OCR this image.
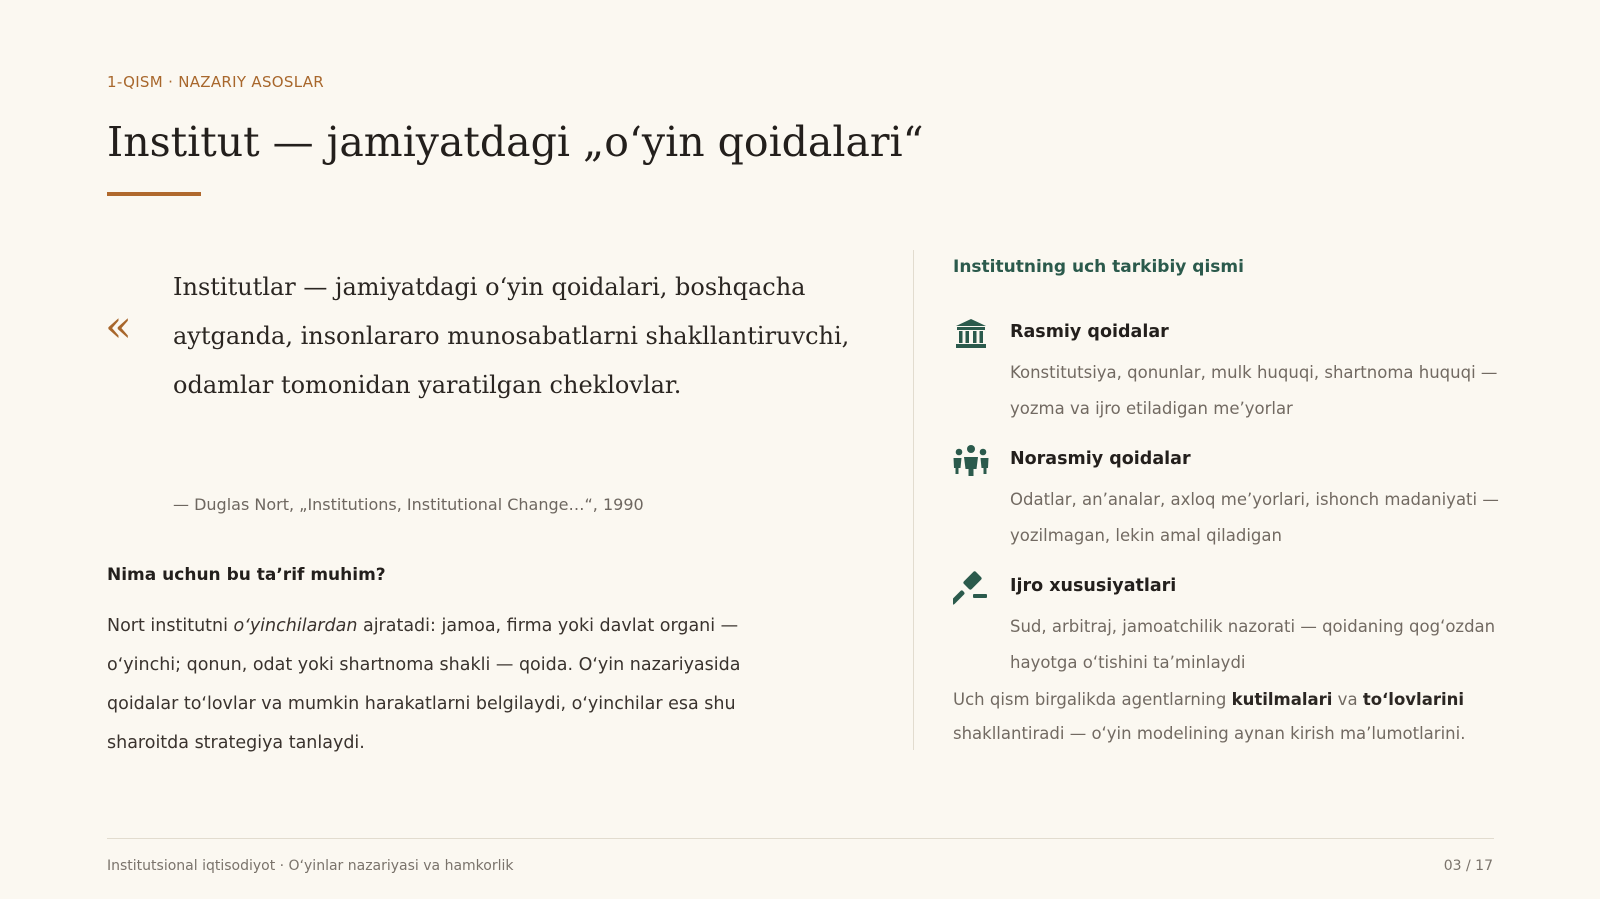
1-QISM · NAZARIY ASOSLAR
Institut — jamiyatdagi „oʻyin qoidalari“
«

Institutlar — jamiyatdagi oʻyin qoidalari, boshqacha aytganda, insonlararo munosabatlarni shakllantiruvchi, odamlar tomonidan yaratilgan cheklovlar.

— Duglas Nort, „Institutions, Institutional Change…“, 1990
Nima uchun bu taʼrif muhim?

Nort institutni oʻyinchilardan ajratadi: jamoa, firma yoki davlat organi — oʻyinchi; qonun, odat yoki shartnoma shakli — qoida. Oʻyin nazariyasida qoidalar toʻlovlar va mumkin harakatlarni belgilaydi, oʻyinchilar esa shu sharoitda strategiya tanlaydi.

Institutning uch tarkibiy qismi
Rasmiy qoidalar

Konstitutsiya, qonunlar, mulk huquqi, shartnoma huquqi — yozma va ijro etiladigan meʼyorlar

Norasmiy qoidalar

Odatlar, anʼanalar, axloq meʼyorlari, ishonch madaniyati — yozilmagan, lekin amal qiladigan

Ijro xususiyatlari

Sud, arbitraj, jamoatchilik nazorati — qoidaning qogʻozdan hayotga oʻtishini taʼminlaydi

Uch qism birgalikda agentlarning kutilmalari va toʻlovlarini shakllantiradi — oʻyin modelining aynan kirish maʼlumotlarini.

Institutsional iqtisodiyot · Oʻyinlar nazariyasi va hamkorlik	03 / 17
